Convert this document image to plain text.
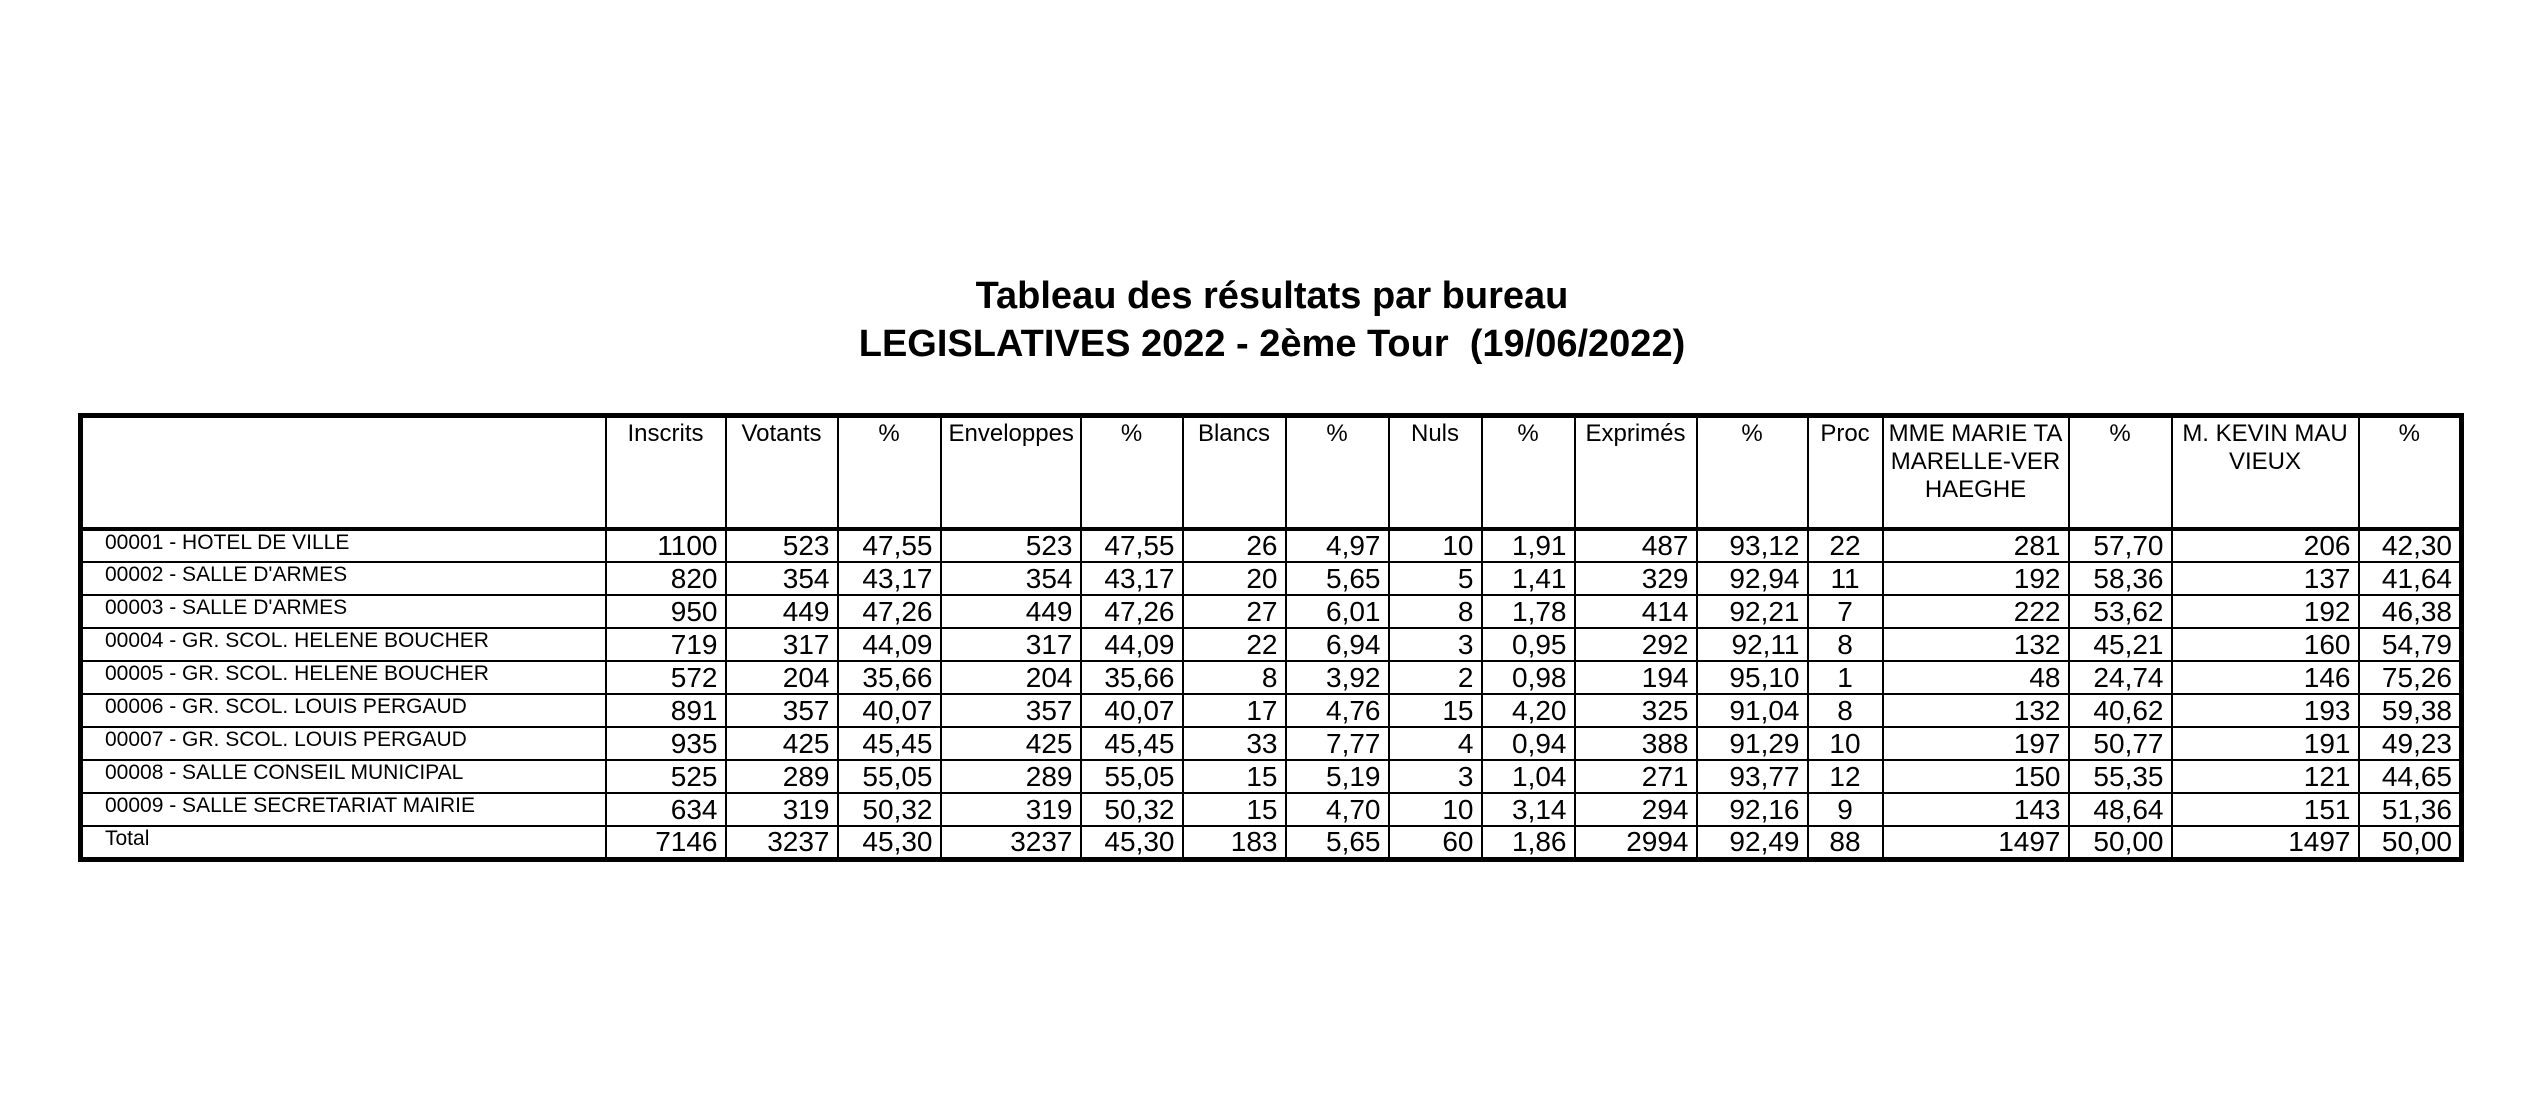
Tableau des résultats par bureau
LEGISLATIVES 2022 - 2ème Tour  (19/06/2022)
	Inscrits	Votants	%	Enveloppes	%	Blancs	%	Nuls	%	Exprimés	%	Proc	MME MARIE TAMARELLE-VERHAEGHE	%	M. KEVIN MAUVIEUX	%
00001 - HOTEL DE VILLE	1100	523	47,55	523	47,55	26	4,97	10	1,91	487	93,12	22	281	57,70	206	42,30
00002 - SALLE D'ARMES	820	354	43,17	354	43,17	20	5,65	5	1,41	329	92,94	11	192	58,36	137	41,64
00003 - SALLE D'ARMES	950	449	47,26	449	47,26	27	6,01	8	1,78	414	92,21	7	222	53,62	192	46,38
00004 - GR. SCOL. HELENE BOUCHER	719	317	44,09	317	44,09	22	6,94	3	0,95	292	92,11	8	132	45,21	160	54,79
00005 - GR. SCOL. HELENE BOUCHER	572	204	35,66	204	35,66	8	3,92	2	0,98	194	95,10	1	48	24,74	146	75,26
00006 - GR. SCOL. LOUIS PERGAUD	891	357	40,07	357	40,07	17	4,76	15	4,20	325	91,04	8	132	40,62	193	59,38
00007 - GR. SCOL. LOUIS PERGAUD	935	425	45,45	425	45,45	33	7,77	4	0,94	388	91,29	10	197	50,77	191	49,23
00008 - SALLE CONSEIL MUNICIPAL	525	289	55,05	289	55,05	15	5,19	3	1,04	271	93,77	12	150	55,35	121	44,65
00009 - SALLE SECRETARIAT MAIRIE	634	319	50,32	319	50,32	15	4,70	10	3,14	294	92,16	9	143	48,64	151	51,36
Total	7146	3237	45,30	3237	45,30	183	5,65	60	1,86	2994	92,49	88	1497	50,00	1497	50,00
